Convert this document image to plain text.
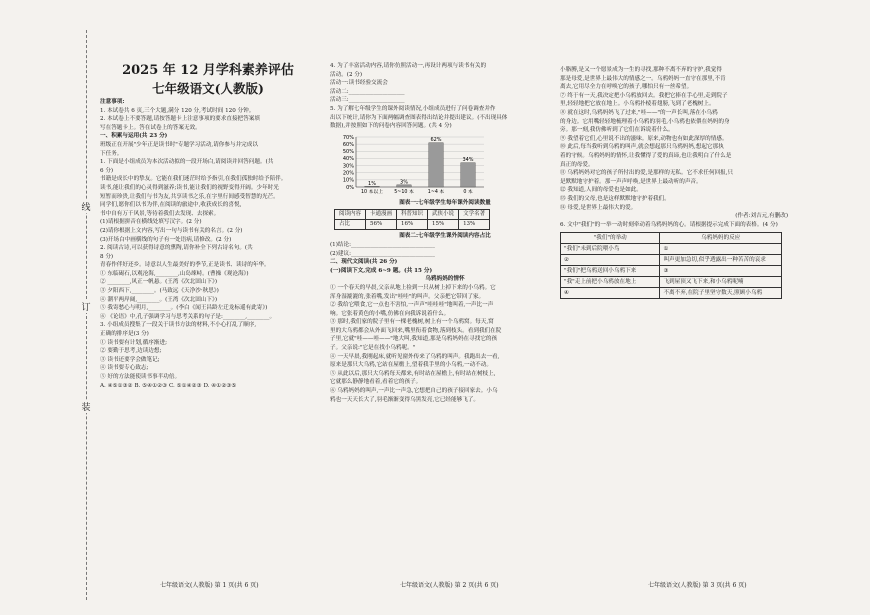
线
订
装

2025 年 12 月学科素养评估

七年级语文(人教版)

注意事项:

1. 本试卷共 6 页,三个大题,满分 120 分,考试时间 120 分钟。

2. 本试卷上不要答题,请按答题卡上注意事项的要求直接把答案填

写在答题卡上。答在试卷上的答案无效。

一、积累与运用(共 23 分)

班级正在开展"少年正是读书时"专题学习活动,请你参与并完成以

下任务。

1. 下面是小组成员为本次活动拟的一段开场白,请阅读并回答问题。(共

6 分)

书籍是成长中的挚友。它能在我们迷茫时给予指引,在我们孤独时给予陪伴。

读书,能让我们的心灵得到滋养;读书,能让我们的视野变得开阔。少年时光

短暂而珍贵,让我们与书为友,共享读书之乐,在字里行间感受智慧的光芒。

同学们,愿你们以书为伴,在阅读的旅途中,收获成长的喜悦,

书中自有万千风景,等待着我们去发现、去探索。

(1)请根据拼音在横线处填写汉字。(2 分)

(2)请你根据上文内容,写出一句与读书有关的名言。(2 分)

(3)开场白中画横线的句子有一处语病,请修改。(2 分)

2. 阅读古诗,可以获得诗意的熏陶,请你补全下列古诗名句。(共

8 分)

青春作伴好还乡。诗意以人生最美好的季节,正是读书、读诗的年华。

① 东临碣石,以观沧海,________,山岛竦峙。(曹操《观沧海》)

② ________,风正一帆悬。(王湾《次北固山下》)

③ 夕阳西下,________。(马致远《天净沙·秋思》)

④ 潮平两岸阔,________。(王湾《次北固山下》)

⑤ 我寄愁心与明月,________。(李白《闻王昌龄左迁龙标遥有此寄》)

⑥ 《论语》中,孔子强调学习与思考关系的句子是:________,________。

3. 小组成员搜集了一段关于读书方法的材料,不小心打乱了顺序,

正确的排序是(3 分)

① 读书要有计划,循序渐进;

② 要勤于思考,边读边想;

③ 读书还要学会做笔记;

④ 读书要专心致志;

⑤ 好的方法能使读书事半功倍。

A. ④⑤①③② B. ⑤④①②③ C. ⑤①④②③ D. ④①②③⑤

七年级语文(人教版) 第 1 页(共 6 页)

4. 为了丰富活动内容,请你仿照活动一,再设计两项与读书有关的

活动。(2 分)

活动一:读书经验交流会

活动二:____________________

活动三:____________________

5. 为了解七年级学生的课外阅读情况,小组成员进行了问卷调查并作

出以下统计,请你为下面两幅调查图表得出结论并提出建议。(不出现具体

数据),并按照如下的问卷内容回答问题。(共 4 分)

0%
10%
20%
30%
40%
50%
60%
70%
1%
10 本以上
3%
5~10 本
62%
1~4 本
34%
0 本

图表一:七年级学生每年课外阅读数量

阅读内容	卡通漫画	科普知识	武侠小说	文学名著
占比	56%	16%	15%	13%

图表二:七年级学生课外阅读内容占比

(1)结论:______________________________

(2)建议:______________________________

二、现代文阅读(共 26 分)

(一)阅读下文,完成 6~9 题。(共 15 分)

乌鸦妈妈的情怀

① 一个春天的早晨,父亲从地上捡到一只从树上掉下来的小乌鸦。它

浑身湿漉漉的,张着嘴,发出"哇哇"的叫声。父亲把它带回了家。

② 我给它喂食,它一点也不害怕,一声声"哇哇哇"地叫着,一声比一声

响。它张着黄色的小嘴,仿佛在向我诉说着什么。

③ 那时,我们家的院子里有一棵老槐树,树上有一个乌鸦窝。每天,窝

里的大乌鸦都会从外面飞回来,嘴里衔着食物,落到枝头。看到我们在院

子里,它就"哇——哇——"地大叫,我知道,那是乌鸦妈妈在寻找它的孩

子。父亲说:"它是在找小乌鸦呢。"

④ 一天早晨,我刚起床,就听见窗外传来了乌鸦的叫声。我跑出去一看,

原来是那只大乌鸦,它站在屋檐上,望着我手里的小乌鸦,一动不动。

⑤ 从此以后,那只大乌鸦每天都来,有时站在屋檐上,有时站在树枝上,

它就那么静静地看着,看着它的孩子。

⑥ 乌鸦妈妈的叫声,一声比一声急,它想把自己的孩子接回家去。小乌

鸦也一天天长大了,羽毛渐渐变得乌黑发亮,它已经能够飞了。

七年级语文(人教版) 第 2 页(共 6 页)

小胳膊,是又一个愿景成为一生的寻找,那种不离不弃的守护,我觉得

那是母爱,是世界上最伟大的情感之一。乌鸦妈妈一直守在那里,不肯

离去,它用尽全力在呼唤它的孩子,哪怕只有一丝希望。

⑦ 终于有一天,我决定把小乌鸦放回去。我把它捧在手心里,走到院子

里,轻轻地把它放在地上。小乌鸦扑棱着翅膀,飞到了老槐树上。

⑧ 就在这时,乌鸦妈妈飞了过来,"哇——"的一声长叫,落在小乌鸦

的身边。它用嘴轻轻地梳理着小乌鸦的羽毛,小乌鸦也依偎在妈妈的身

旁。那一刻,我仿佛听到了它们在诉说着什么。

⑨ 我望着它们,心里说不出的滋味。原来,动物也有如此深厚的情感。

⑩ 此后,每当我听到乌鸦的叫声,就会想起那只乌鸦妈妈,想起它那执

着的守候。乌鸦妈妈的情怀,让我懂得了爱的真谛,也让我明白了什么是

真正的母爱。

⑪ 乌鸦妈妈对它的孩子所付出的爱,是那样的无私。它不求任何回报,只

是默默地守护着。那一声声呼唤,是世界上最动听的声音。

⑫ 我知道,人间的母爱也是如此。

⑬ 我们的父母,也是这样默默地守护着我们。

⑭ 母爱,是世界上最伟大的爱。

(作者:刘吉元,有删改)

6. 文中"我们"的一举一动时刻牵动着乌鸦妈妈的心。请根据提示完成下面的表格。(4 分)

"我们"的举动	乌鸦妈妈的反应
"我们"未到后院喂小鸟	①
②	叫声更加急切,似乎透露出一种苦苦的哀求
"我们"把乌鸦送回小乌鸦下来	③
"我"走上前把小乌鸦放在地上	飞到屋顶又飞下来,和小乌鸦呢喃
④	不离不弃,在院子里坚守数天,照顾小乌鸦
七年级语文(人教版) 第 3 页(共 6 页)
